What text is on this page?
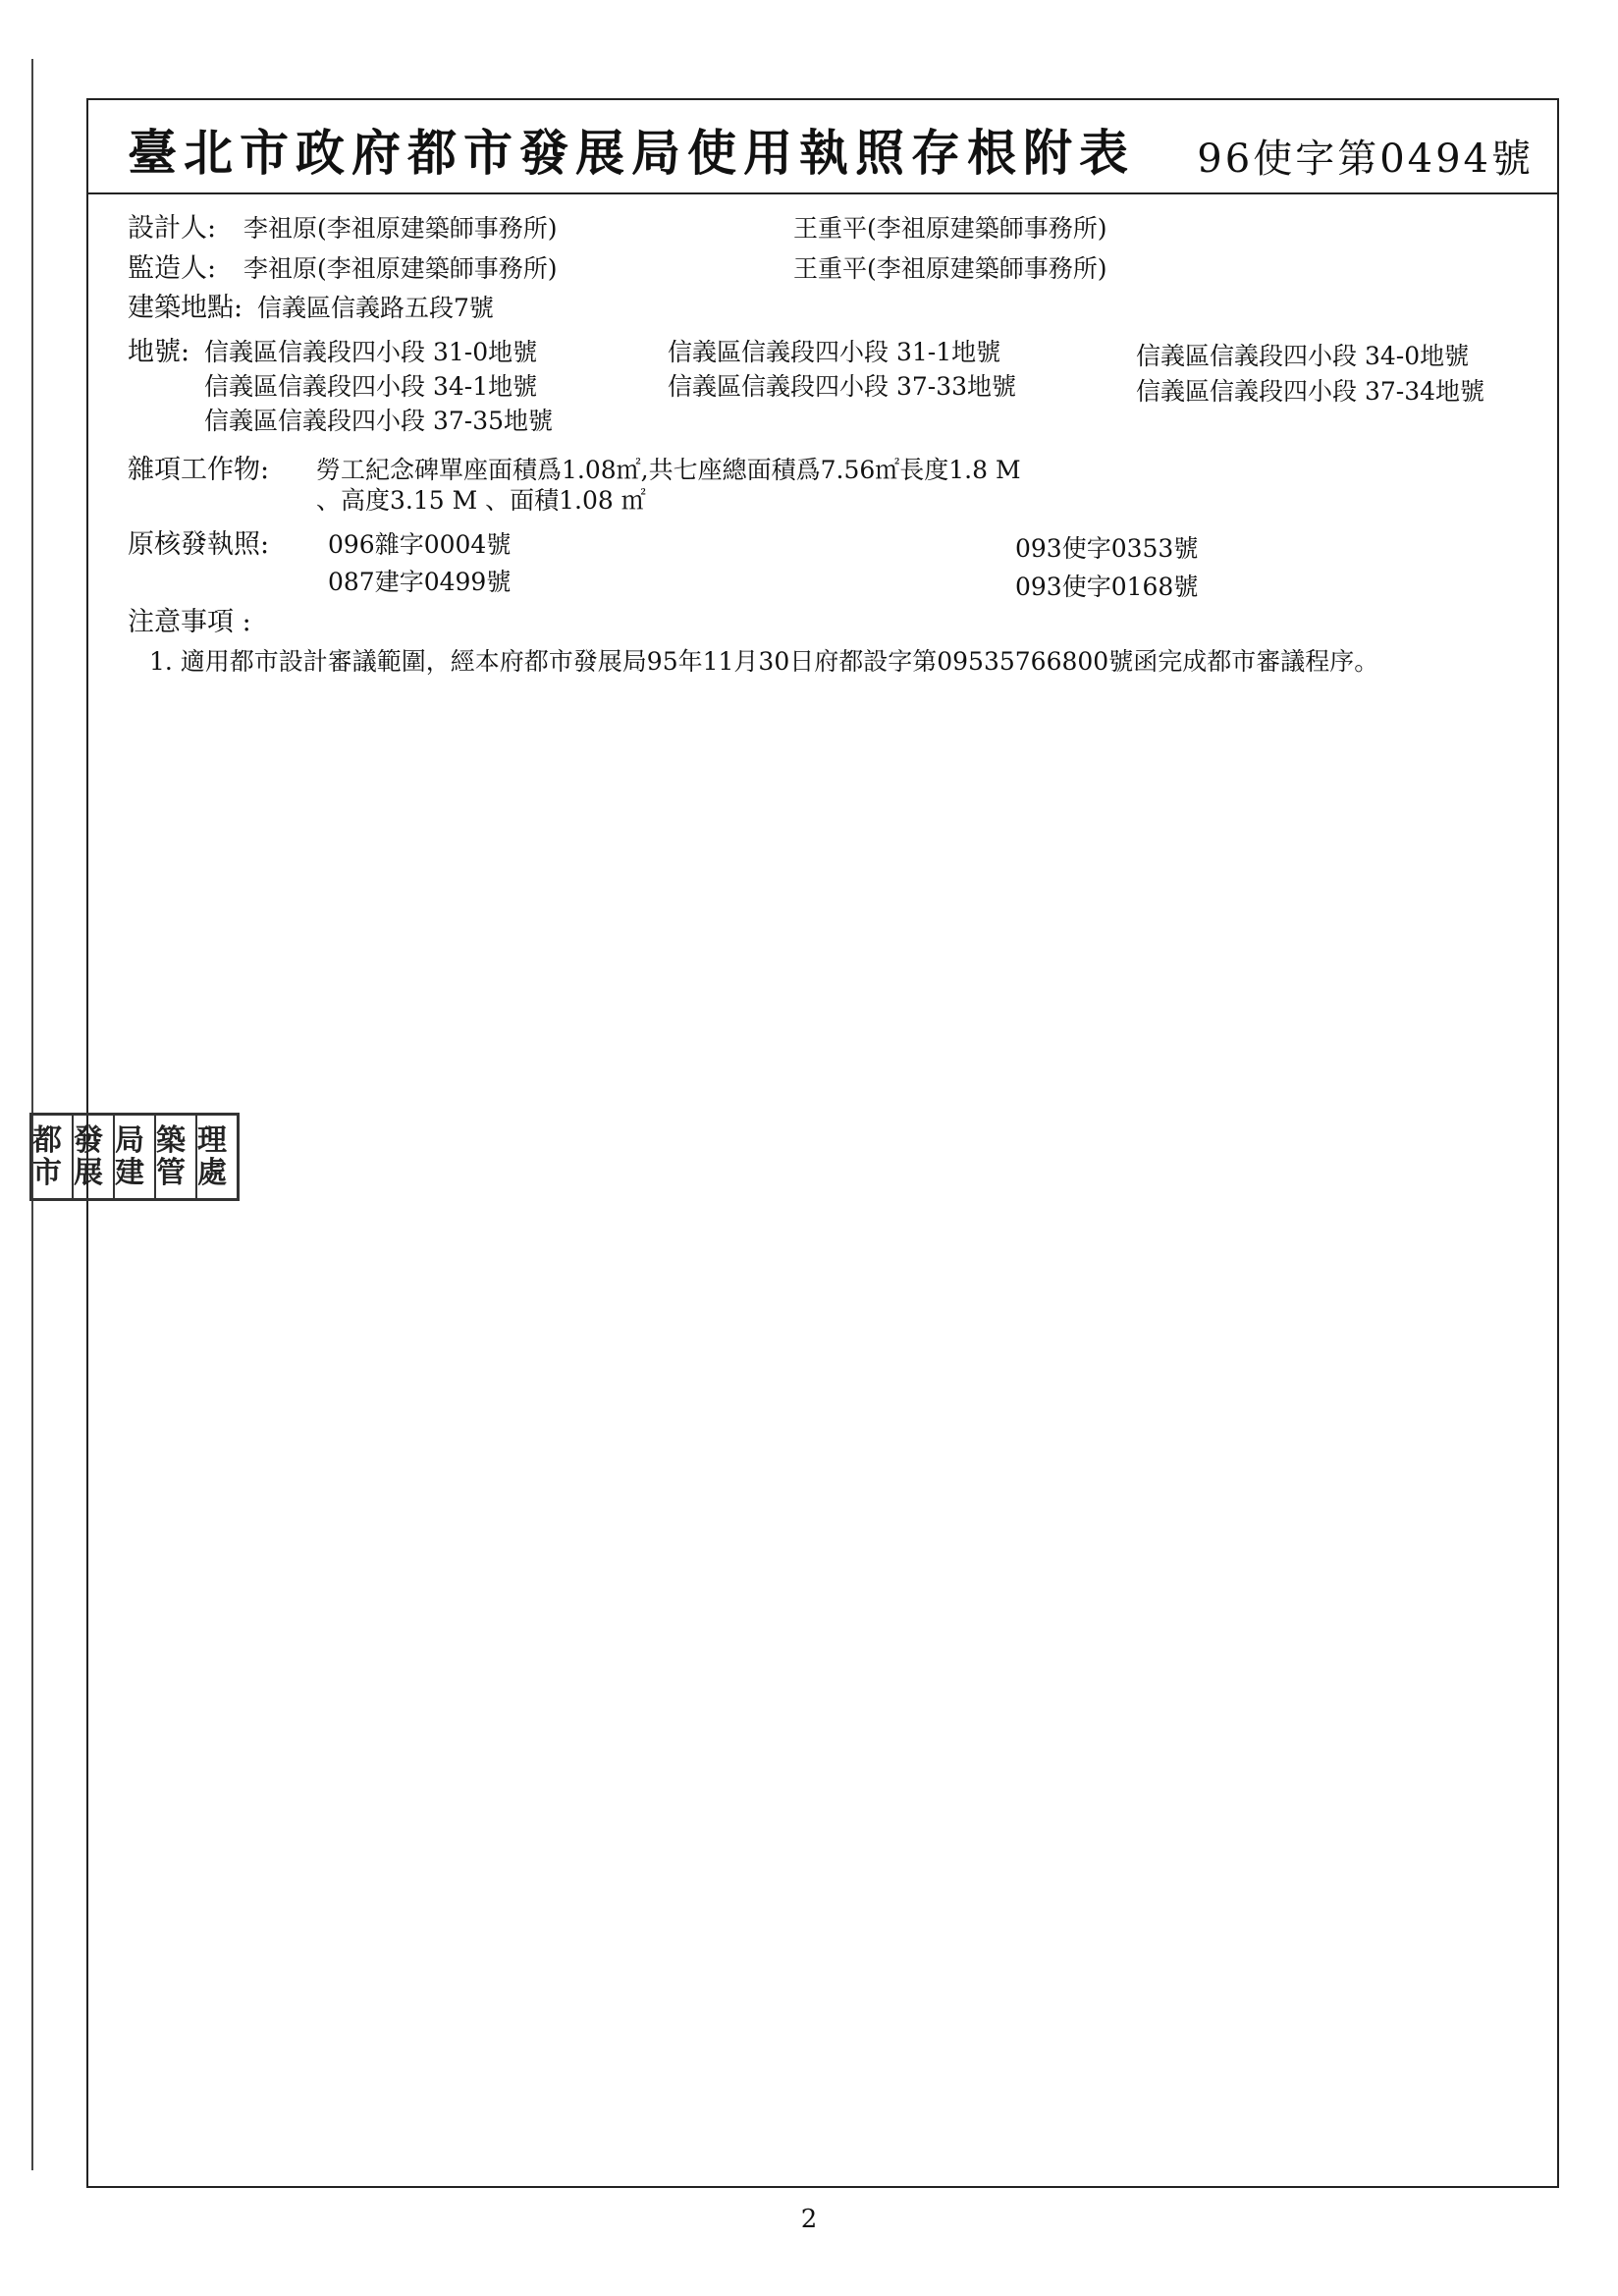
臺北市政府都市發展局使用執照存根附表 96使字第0494號
設計人: 李祖原(李祖原建築師事務所)	王重平(李祖原建築師事務所)
監造人: 李祖原(李祖原建築師事務所)	王重平(李祖原建築師事務所)
建築地點: 信義區信義路五段7號
地號: 信義區信義段四小段 31-0地號	信義區信義段四小段 31-1地號	信義區信義段四小段 34-0地號
信義區信義段四小段 34-1地號	信義區信義段四小段 37-33地號	信義區信義段四小段 37-34地號
信義區信義段四小段 37-35地號
雜項工作物: 勞工紀念碑單座面積爲1.08㎡,共七座總面積爲7.56㎡長度1.8 M
、高度3.15 M 、面積1.08 ㎡
原核發執照: 096雜字0004號	093使字0353號
087建字0499號	093使字0168號
注意事項 :
1. 適用都市設計審議範圍，經本府都市發展局95年11月30日府都設字第09535766800號函完成都市審議程序。
都市
發展
局建
築管
理處
2
